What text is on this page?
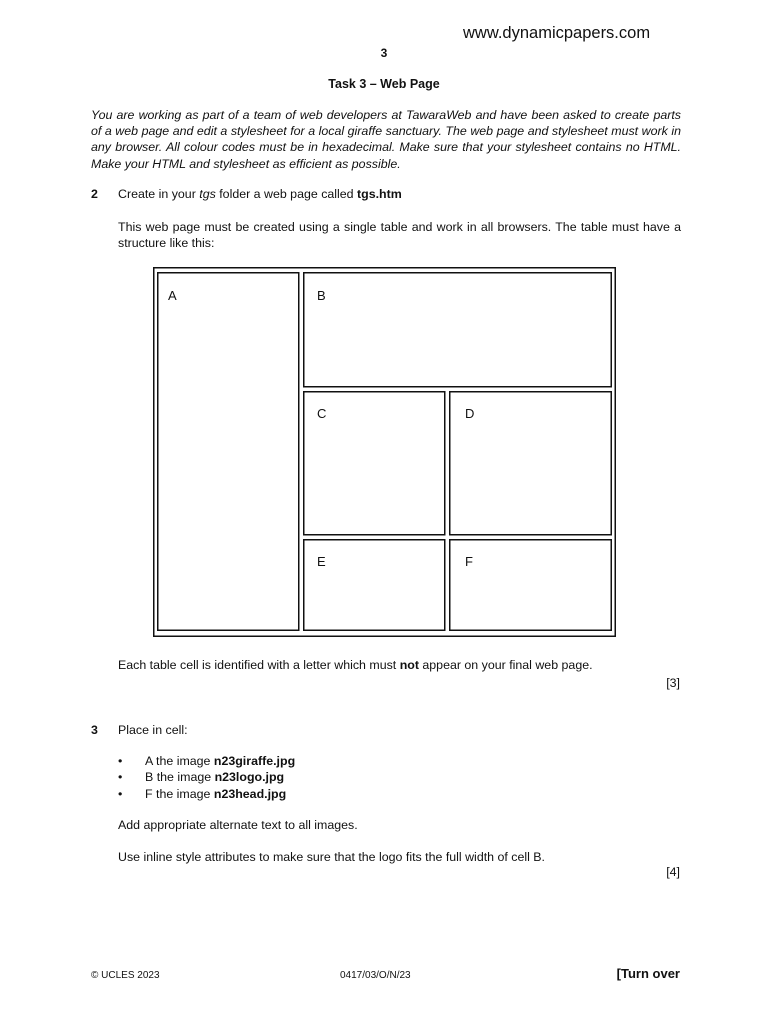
www.dynamicpapers.com
3
Task 3 – Web Page
You are working as part of a team of web developers at TawaraWeb and have been asked to create parts of a web page and edit a stylesheet for a local giraffe sanctuary. The web page and stylesheet must work in any browser. All colour codes must be in hexadecimal. Make sure that your stylesheet contains no HTML. Make your HTML and stylesheet as efficient as possible.
2 Create in your tgs folder a web page called tgs.htm
This web page must be created using a single table and work in all browsers. The table must have a structure like this:
A	B
C	D
E	F
Each table cell is identified with a letter which must not appear on your final web page.
[3]
3 Place in cell:
• A the image n23giraffe.jpg
• B the image n23logo.jpg
• F the image n23head.jpg
Add appropriate alternate text to all images.
Use inline style attributes to make sure that the logo fits the full width of cell B.
[4]
© UCLES 2023	0417/03/O/N/23	[Turn over
